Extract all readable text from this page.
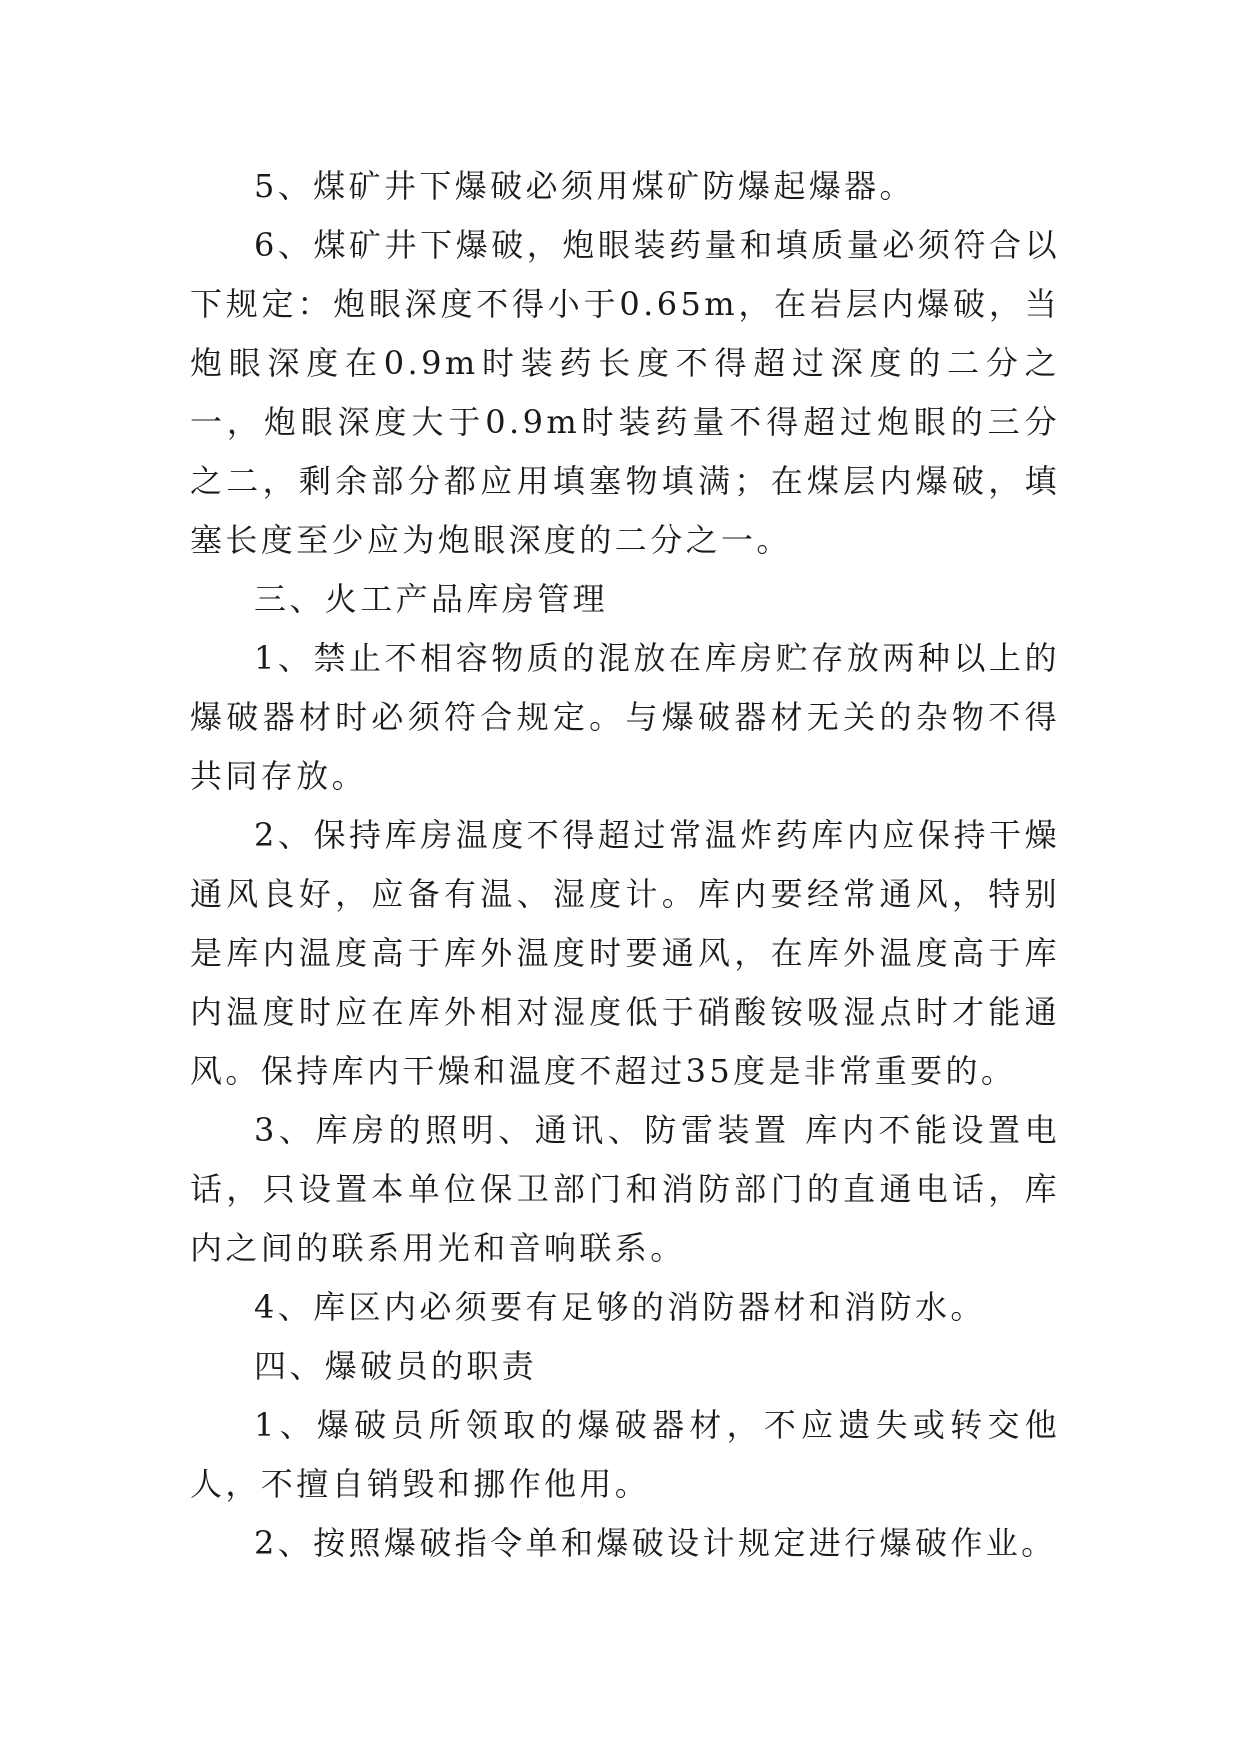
5、煤矿井下爆破必须用煤矿防爆起爆器。

6、煤矿井下爆破，炮眼装药量和填质量必须符合以下规定：炮眼深度不得小于0.65m，在岩层内爆破，当炮眼深度在0.9m时装药长度不得超过深度的二分之一，炮眼深度大于0.9m时装药量不得超过炮眼的三分之二，剩余部分都应用填塞物填满；在煤层内爆破，填塞长度至少应为炮眼深度的二分之一。

三、火工产品库房管理

1、禁止不相容物质的混放在库房贮存放两种以上的爆破器材时必须符合规定。与爆破器材无关的杂物不得共同存放。

2、保持库房温度不得超过常温炸药库内应保持干燥通风良好，应备有温、湿度计。库内要经常通风，特别是库内温度高于库外温度时要通风，在库外温度高于库内温度时应在库外相对湿度低于硝酸铵吸湿点时才能通风。保持库内干燥和温度不超过35度是非常重要的。

3、库房的照明、通讯、防雷装置 库内不能设置电话，只设置本单位保卫部门和消防部门的直通电话，库内之间的联系用光和音响联系。

4、库区内必须要有足够的消防器材和消防水。

四、爆破员的职责

1、爆破员所领取的爆破器材，不应遗失或转交他人，不擅自销毁和挪作他用。

2、按照爆破指令单和爆破设计规定进行爆破作业。
